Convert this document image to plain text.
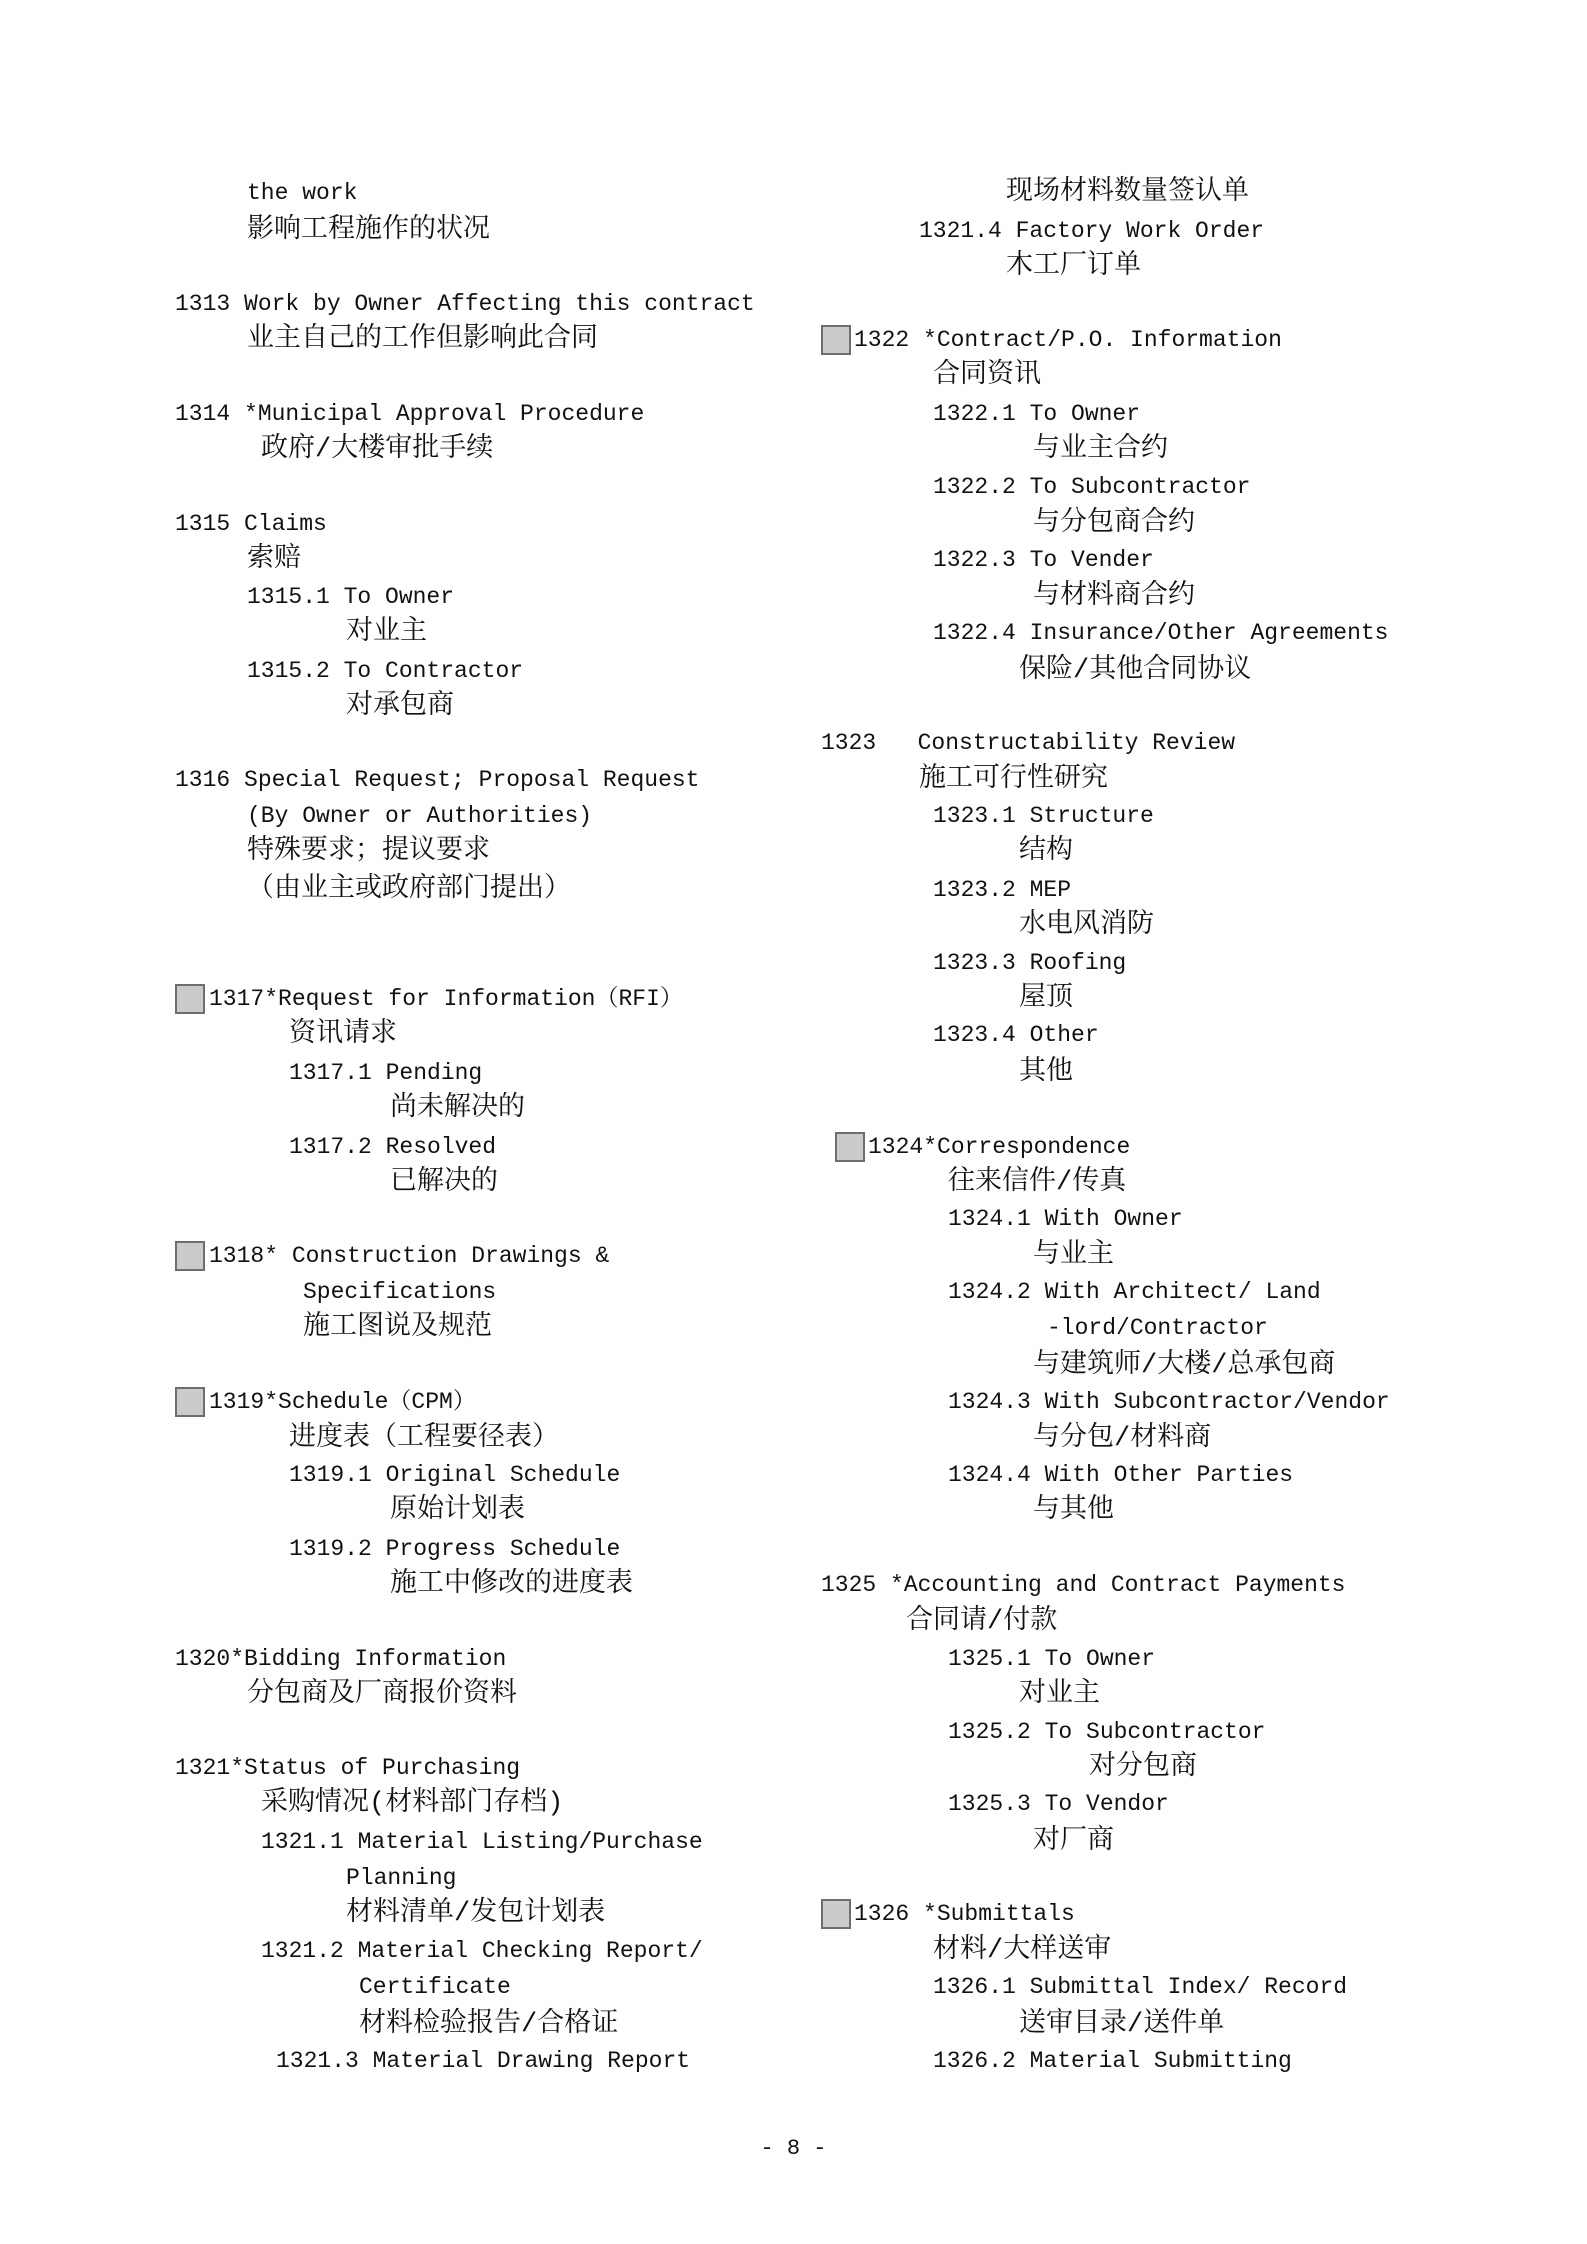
the work
影响工程施作的状况
1313 Work by Owner Affecting this contract
业主自己的工作但影响此合同
1314 *Municipal Approval Procedure
政府/大楼审批手续
1315 Claims
索赔
1315.1 To Owner
对业主
1315.2 To Contractor
对承包商
1316 Special Request; Proposal Request
(By Owner or Authorities)
特殊要求；提议要求
（由业主或政府部门提出）
1317*Request for Information（RFI）
资讯请求
1317.1 Pending
尚未解决的
1317.2 Resolved
已解决的
1318* Construction Drawings &
Specifications
施工图说及规范
1319*Schedule（CPM）
进度表（工程要径表）
1319.1 Original Schedule
原始计划表
1319.2 Progress Schedule
施工中修改的进度表
1320*Bidding Information
分包商及厂商报价资料
1321*Status of Purchasing
采购情况(材料部门存档)
1321.1 Material Listing/Purchase
Planning
材料清单/发包计划表
1321.2 Material Checking Report/
Certificate
材料检验报告/合格证
1321.3 Material Drawing Report
现场材料数量签认单
1321.4 Factory Work Order
木工厂订单
1322 *Contract/P.O. Information
合同资讯
1322.1 To Owner
与业主合约
1322.2 To Subcontractor
与分包商合约
1322.3 To Vender
与材料商合约
1322.4 Insurance/Other Agreements
保险/其他合同协议
1323   Constructability Review
施工可行性研究
1323.1 Structure
结构
1323.2 MEP
水电风消防
1323.3 Roofing
屋顶
1323.4 Other
其他
1324*Correspondence
往来信件/传真
1324.1 With Owner
与业主
1324.2 With Architect/ Land
-lord/Contractor
与建筑师/大楼/总承包商
1324.3 With Subcontractor/Vendor
与分包/材料商
1324.4 With Other Parties
与其他
1325 *Accounting and Contract Payments
合同请/付款
1325.1 To Owner
对业主
1325.2 To Subcontractor
对分包商
1325.3 To Vendor
对厂商
1326 *Submittals
材料/大样送审
1326.1 Submittal Index/ Record
送审目录/送件单
1326.2 Material Submitting
- 8 -
